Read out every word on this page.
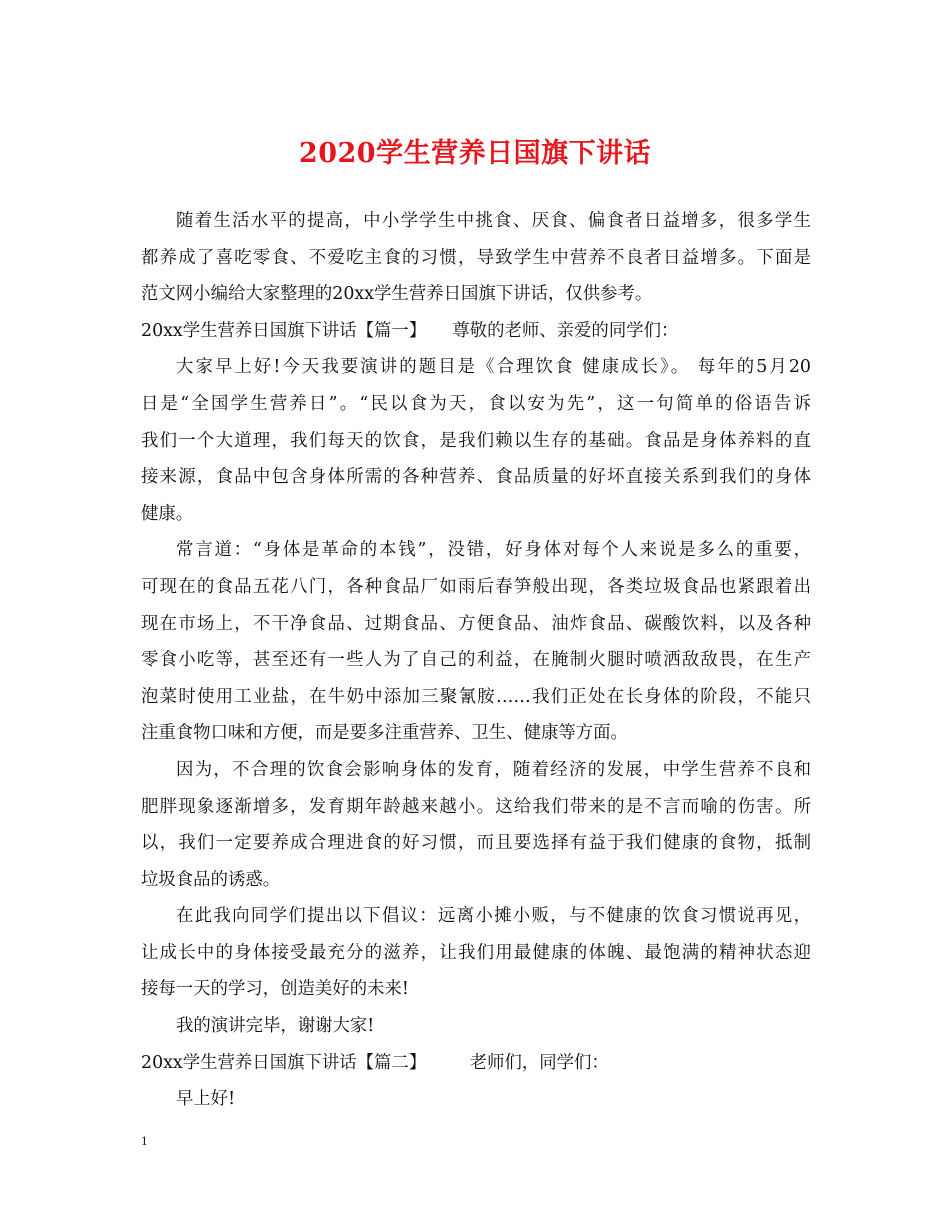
2020学生营养日国旗下讲话
随着生活水平的提高，中小学学生中挑食、厌食、偏食者日益增多，很多学生
都养成了喜吃零食、不爱吃主食的习惯，导致学生中营养不良者日益增多。下面是
范文网小编给大家整理的20xx学生营养日国旗下讲话，仅供参考。
20xx学生营养日国旗下讲话【篇一】　　尊敬的老师、亲爱的同学们：
大家早上好!今天我要演讲的题目是《合理饮食 健康成长》。 每年的5月20
日是“全国学生营养日”。“民以食为天，食以安为先”，这一句简单的俗语告诉
我们一个大道理，我们每天的饮食，是我们赖以生存的基础。食品是身体养料的直
接来源，食品中包含身体所需的各种营养、食品质量的好坏直接关系到我们的身体
健康。
常言道：“身体是革命的本钱”，没错，好身体对每个人来说是多么的重要，
可现在的食品五花八门，各种食品厂如雨后春笋般出现，各类垃圾食品也紧跟着出
现在市场上，不干净食品、过期食品、方便食品、油炸食品、碳酸饮料，以及各种
零食小吃等，甚至还有一些人为了自己的利益，在腌制火腿时喷洒敌敌畏，在生产
泡菜时使用工业盐，在牛奶中添加三聚氰胺……我们正处在长身体的阶段，不能只
注重食物口味和方便，而是要多注重营养、卫生、健康等方面。
因为，不合理的饮食会影响身体的发育，随着经济的发展，中学生营养不良和
肥胖现象逐渐增多，发育期年龄越来越小。这给我们带来的是不言而喻的伤害。所
以，我们一定要养成合理进食的好习惯，而且要选择有益于我们健康的食物，抵制
垃圾食品的诱惑。
在此我向同学们提出以下倡议：远离小摊小贩，与不健康的饮食习惯说再见，
让成长中的身体接受最充分的滋养，让我们用最健康的体魄、最饱满的精神状态迎
接每一天的学习，创造美好的未来!
我的演讲完毕，谢谢大家!
20xx学生营养日国旗下讲话【篇二】　　　老师们，同学们：
早上好!
1
